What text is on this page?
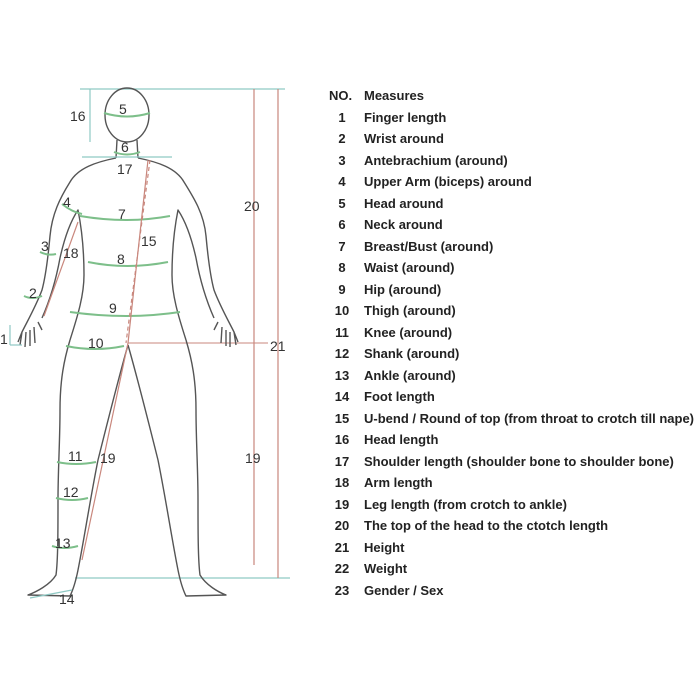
5
16
6
17
4
7
15
3 18	8
2
9
1	10
11 19
12
13
14
20
21
19
NO. Measures
1	Finger length
2	Wrist around
3	Antebrachium (around)
4	Upper Arm (biceps) around
5	Head around
6	Neck around
7	Breast/Bust (around)
8	Waist (around)
9	Hip (around)
10	Thigh (around)
11	Knee (around)
12	Shank (around)
13	Ankle (around)
14	Foot length
15	U-bend / Round of top (from throat to crotch till nape)
16	Head length
17	Shoulder length (shoulder bone to shoulder bone)
18	Arm length
19	Leg length (from crotch to ankle)
20	The top of the head to the ctotch length
21	Height
22	Weight
23	Gender / Sex
